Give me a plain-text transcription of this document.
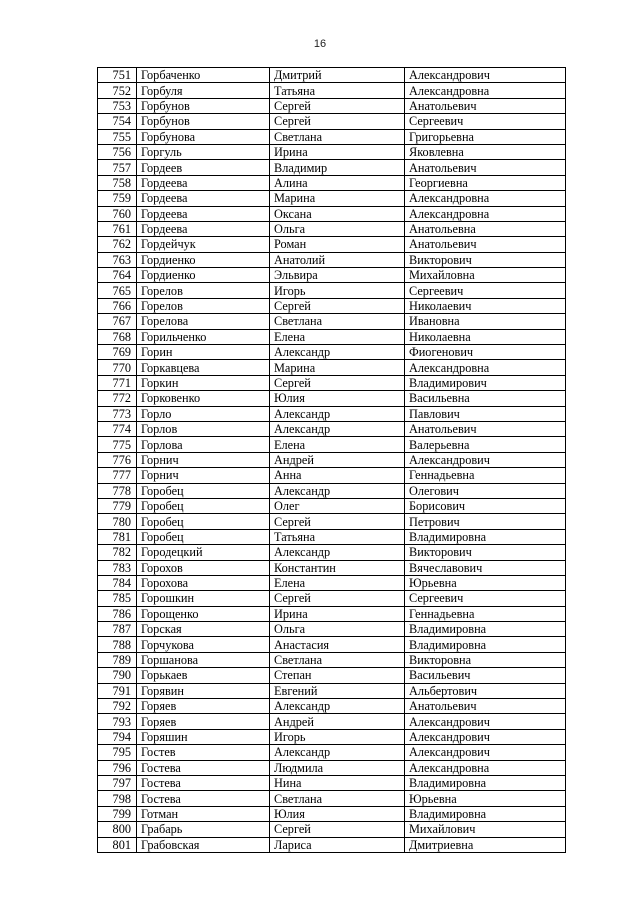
16
751	Горбаченко	Дмитрий	Александрович
752	Горбуля	Татьяна	Александровна
753	Горбунов	Сергей	Анатольевич
754	Горбунов	Сергей	Сергеевич
755	Горбунова	Светлана	Григорьевна
756	Горгуль	Ирина	Яковлевна
757	Гордеев	Владимир	Анатольевич
758	Гордеева	Алина	Георгиевна
759	Гордеева	Марина	Александровна
760	Гордеева	Оксана	Александровна
761	Гордеева	Ольга	Анатольевна
762	Гордейчук	Роман	Анатольевич
763	Гордиенко	Анатолий	Викторович
764	Гордиенко	Эльвира	Михайловна
765	Горелов	Игорь	Сергеевич
766	Горелов	Сергей	Николаевич
767	Горелова	Светлана	Ивановна
768	Горильченко	Елена	Николаевна
769	Горин	Александр	Фиогенович
770	Горкавцева	Марина	Александровна
771	Горкин	Сергей	Владимирович
772	Горковенко	Юлия	Васильевна
773	Горло	Александр	Павлович
774	Горлов	Александр	Анатольевич
775	Горлова	Елена	Валерьевна
776	Горнич	Андрей	Александрович
777	Горнич	Анна	Геннадьевна
778	Горобец	Александр	Олегович
779	Горобец	Олег	Борисович
780	Горобец	Сергей	Петрович
781	Горобец	Татьяна	Владимировна
782	Городецкий	Александр	Викторович
783	Горохов	Константин	Вячеславович
784	Горохова	Елена	Юрьевна
785	Горошкин	Сергей	Сергеевич
786	Горощенко	Ирина	Геннадьевна
787	Горская	Ольга	Владимировна
788	Горчукова	Анастасия	Владимировна
789	Горшанова	Светлана	Викторовна
790	Горькаев	Степан	Васильевич
791	Горявин	Евгений	Альбертович
792	Горяев	Александр	Анатольевич
793	Горяев	Андрей	Александрович
794	Горяшин	Игорь	Александрович
795	Гостев	Александр	Александрович
796	Гостева	Людмила	Александровна
797	Гостева	Нина	Владимировна
798	Гостева	Светлана	Юрьевна
799	Готман	Юлия	Владимировна
800	Грабарь	Сергей	Михайлович
801	Грабовская	Лариса	Дмитриевна
